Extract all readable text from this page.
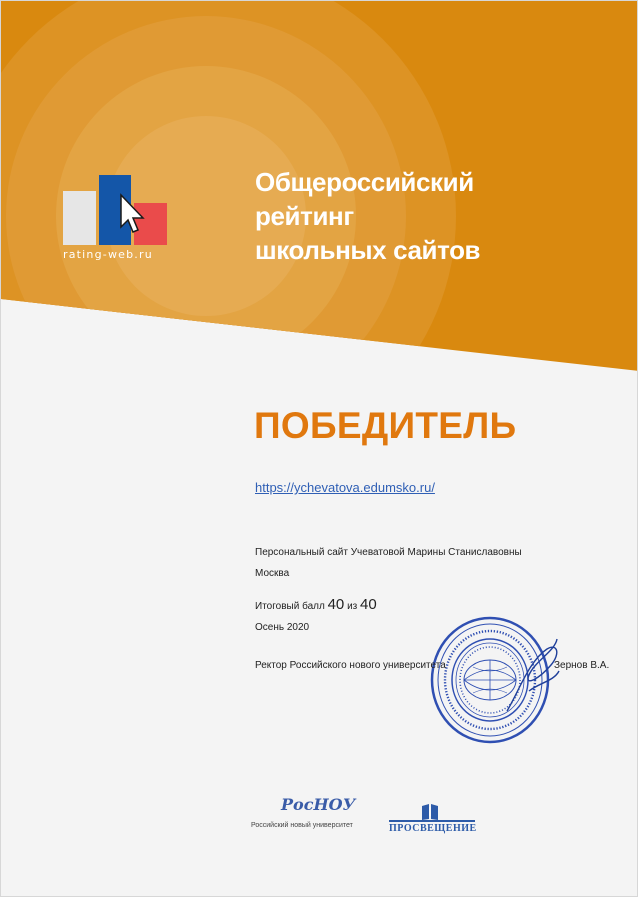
rating-web.ru
Общероссийский
рейтинг
школьных сайтов
ПОБЕДИТЕЛЬ
https://ychevatova.edumsko.ru/
Персональный сайт Учеватовой Марины Станиславовны
Москва
Итоговый балл 40 из 40
Осень 2020
Ректор Российского нового университета	Зернов В.А.
РосНОУ
Российский новый университет	ПРОСВЕЩЕНИЕ
